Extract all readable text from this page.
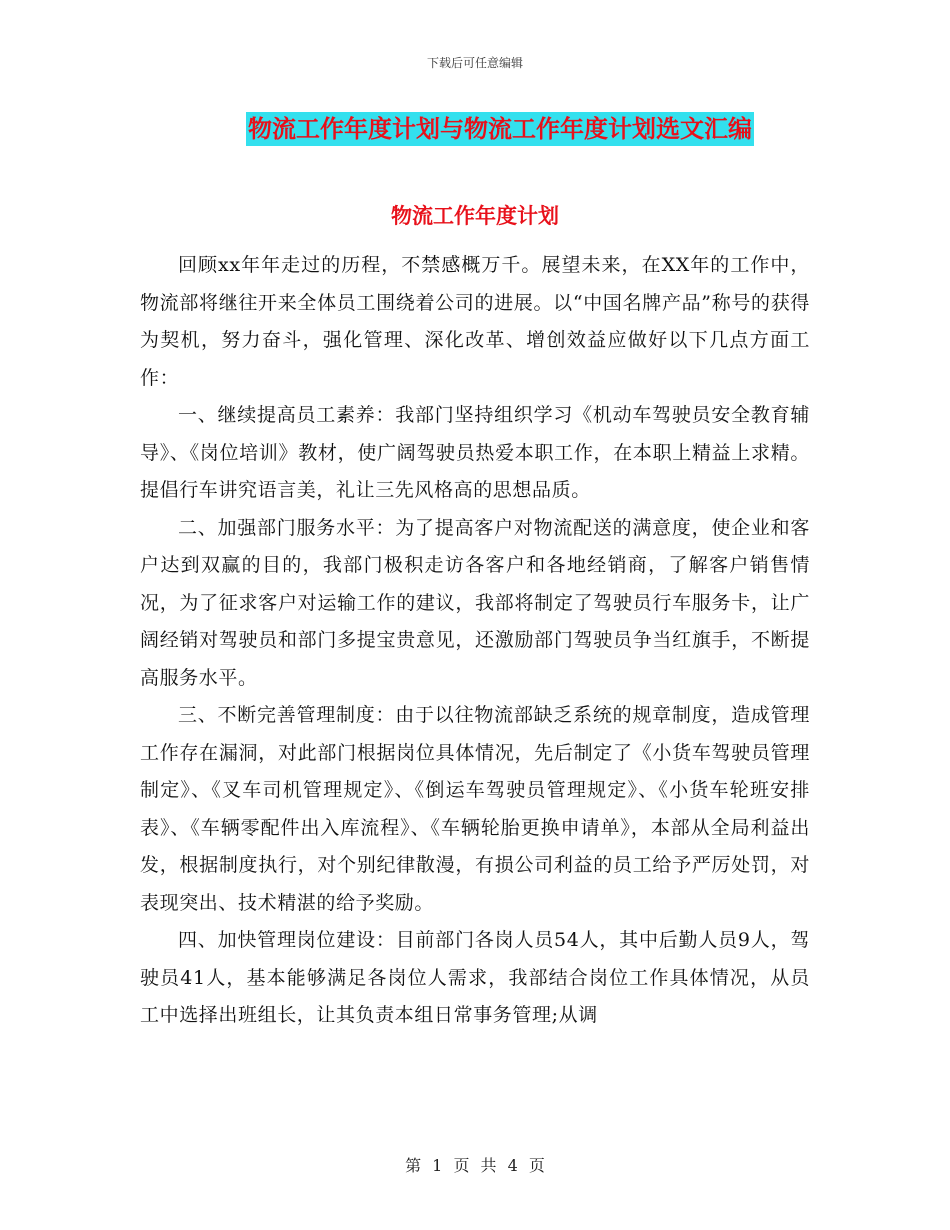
下载后可任意编辑
物流工作年度计划与物流工作年度计划选文汇编
物流工作年度计划

回顾xx年年走过的历程，不禁感概万千。展望未来，在XX年的工作中，物流部将继往开来全体员工围绕着公司的进展。以“中国名牌产品”称号的获得为契机，努力奋斗，强化管理、深化改革、增创效益应做好以下几点方面工作：

一、继续提高员工素养：我部门坚持组织学习《机动车驾驶员安全教育辅导》、《岗位培训》教材，使广阔驾驶员热爱本职工作，在本职上精益上求精。提倡行车讲究语言美，礼让三先风格高的思想品质。

二、加强部门服务水平：为了提高客户对物流配送的满意度，使企业和客户达到双赢的目的，我部门极积走访各客户和各地经销商，了解客户销售情况，为了征求客户对运输工作的建议，我部将制定了驾驶员行车服务卡，让广阔经销对驾驶员和部门多提宝贵意见，还激励部门驾驶员争当红旗手，不断提高服务水平。

三、不断完善管理制度：由于以往物流部缺乏系统的规章制度，造成管理工作存在漏洞，对此部门根据岗位具体情况，先后制定了《小货车驾驶员管理制定》、《叉车司机管理规定》、《倒运车驾驶员管理规定》、《小货车轮班安排表》、《车辆零配件出入库流程》、《车辆轮胎更换申请单》，本部从全局利益出发，根据制度执行，对个别纪律散漫，有损公司利益的员工给予严厉处罚，对表现突出、技术精湛的给予奖励。

四、加快管理岗位建设：目前部门各岗人员54人，其中后勤人员9人，驾驶员41人，基本能够满足各岗位人需求，我部结合岗位工作具体情况，从员工中选择出班组长，让其负责本组日常事务管理;从调

第 1 页 共 4 页
